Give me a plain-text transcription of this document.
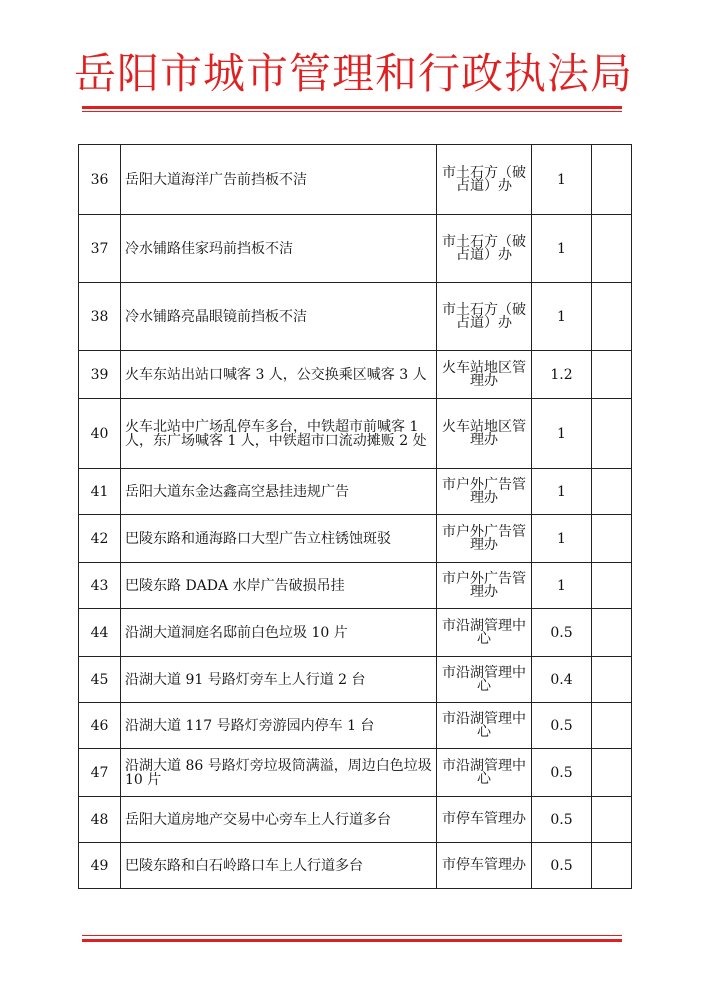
岳阳市城市管理和行政执法局
36	岳阳大道海洋广告前挡板不洁	市土石方（破占道）办	1	
37	冷水铺路佳家玛前挡板不洁	市土石方（破占道）办	1	
38	冷水铺路亮晶眼镜前挡板不洁	市土石方（破占道）办	1	
39	火车东站出站口喊客 3 人，公交换乘区喊客 3 人	火车站地区管理办	1.2	
40	火车北站中广场乱停车多台，中铁超市前喊客 1 人，东广场喊客 1 人，中铁超市口流动摊贩 2 处	火车站地区管理办	1	
41	岳阳大道东金达鑫高空悬挂违规广告	市户外广告管理办	1	
42	巴陵东路和通海路口大型广告立柱锈蚀斑驳	市户外广告管理办	1	
43	巴陵东路 DADA 水岸广告破损吊挂	市户外广告管理办	1	
44	沿湖大道洞庭名邸前白色垃圾 10 片	市沿湖管理中心	0.5	
45	沿湖大道 91 号路灯旁车上人行道 2 台	市沿湖管理中心	0.4	
46	沿湖大道 117 号路灯旁游园内停车 1 台	市沿湖管理中心	0.5	
47	沿湖大道 86 号路灯旁垃圾筒满溢，周边白色垃圾 10 片	市沿湖管理中心	0.5	
48	岳阳大道房地产交易中心旁车上人行道多台	市停车管理办	0.5	
49	巴陵东路和白石岭路口车上人行道多台	市停车管理办	0.5	
